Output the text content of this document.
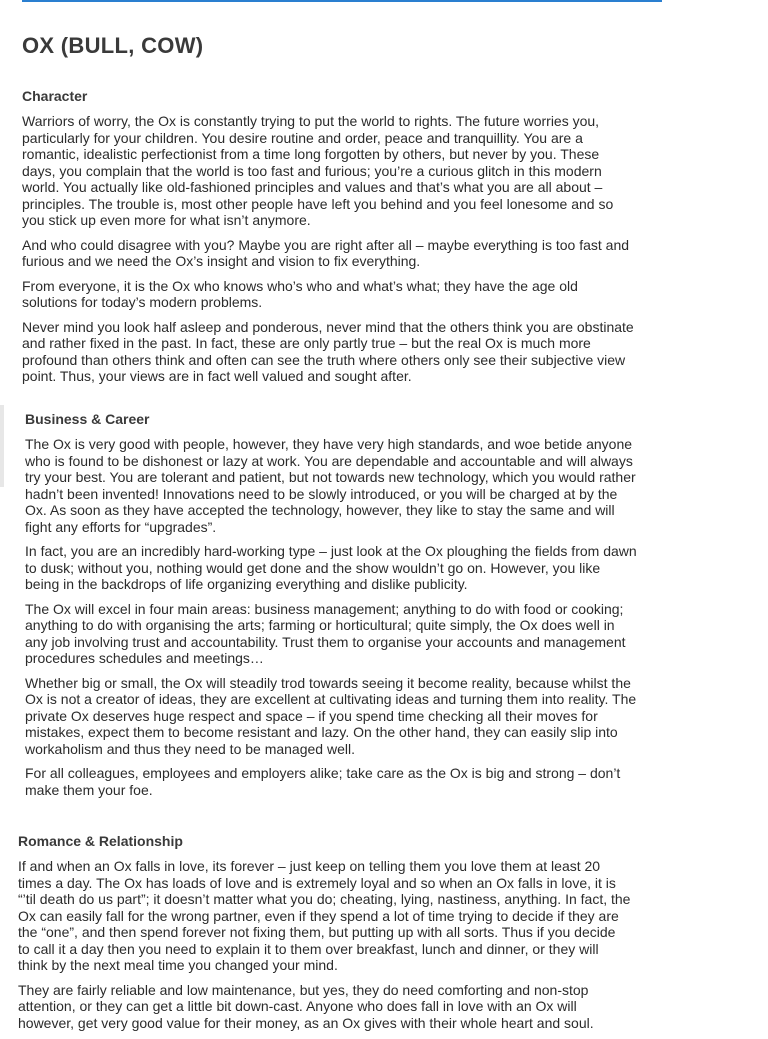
OX (BULL, COW)
Character

Warriors of worry, the Ox is constantly trying to put the world to rights. The future worries you,
particularly for your children. You desire routine and order, peace and tranquillity. You are a
romantic, idealistic perfectionist from a time long forgotten by others, but never by you. These
days, you complain that the world is too fast and furious; you’re a curious glitch in this modern
world. You actually like old-fashioned principles and values and that’s what you are all about –
principles. The trouble is, most other people have left you behind and you feel lonesome and so
you stick up even more for what isn’t anymore.

And who could disagree with you? Maybe you are right after all – maybe everything is too fast and
furious and we need the Ox’s insight and vision to fix everything.

From everyone, it is the Ox who knows who’s who and what’s what; they have the age old
solutions for today’s modern problems.

Never mind you look half asleep and ponderous, never mind that the others think you are obstinate
and rather fixed in the past. In fact, these are only partly true – but the real Ox is much more
profound than others think and often can see the truth where others only see their subjective view
point. Thus, your views are in fact well valued and sought after.

Business & Career

The Ox is very good with people, however, they have very high standards, and woe betide anyone
who is found to be dishonest or lazy at work. You are dependable and accountable and will always
try your best. You are tolerant and patient, but not towards new technology, which you would rather
hadn’t been invented! Innovations need to be slowly introduced, or you will be charged at by the
Ox. As soon as they have accepted the technology, however, they like to stay the same and will
fight any efforts for “upgrades”.

In fact, you are an incredibly hard-working type – just look at the Ox ploughing the fields from dawn
to dusk; without you, nothing would get done and the show wouldn’t go on. However, you like
being in the backdrops of life organizing everything and dislike publicity.

The Ox will excel in four main areas: business management; anything to do with food or cooking;
anything to do with organising the arts; farming or horticultural; quite simply, the Ox does well in
any job involving trust and accountability. Trust them to organise your accounts and management
procedures schedules and meetings…

Whether big or small, the Ox will steadily trod towards seeing it become reality, because whilst the
Ox is not a creator of ideas, they are excellent at cultivating ideas and turning them into reality. The
private Ox deserves huge respect and space – if you spend time checking all their moves for
mistakes, expect them to become resistant and lazy. On the other hand, they can easily slip into
workaholism and thus they need to be managed well.

For all colleagues, employees and employers alike; take care as the Ox is big and strong – don’t
make them your foe.

Romance & Relationship

If and when an Ox falls in love, its forever – just keep on telling them you love them at least 20
times a day. The Ox has loads of love and is extremely loyal and so when an Ox falls in love, it is
“’til death do us part”; it doesn’t matter what you do; cheating, lying, nastiness, anything. In fact, the
Ox can easily fall for the wrong partner, even if they spend a lot of time trying to decide if they are
the “one”, and then spend forever not fixing them, but putting up with all sorts. Thus if you decide
to call it a day then you need to explain it to them over breakfast, lunch and dinner, or they will
think by the next meal time you changed your mind.

They are fairly reliable and low maintenance, but yes, they do need comforting and non-stop
attention, or they can get a little bit down-cast. Anyone who does fall in love with an Ox will
however, get very good value for their money, as an Ox gives with their whole heart and soul.
